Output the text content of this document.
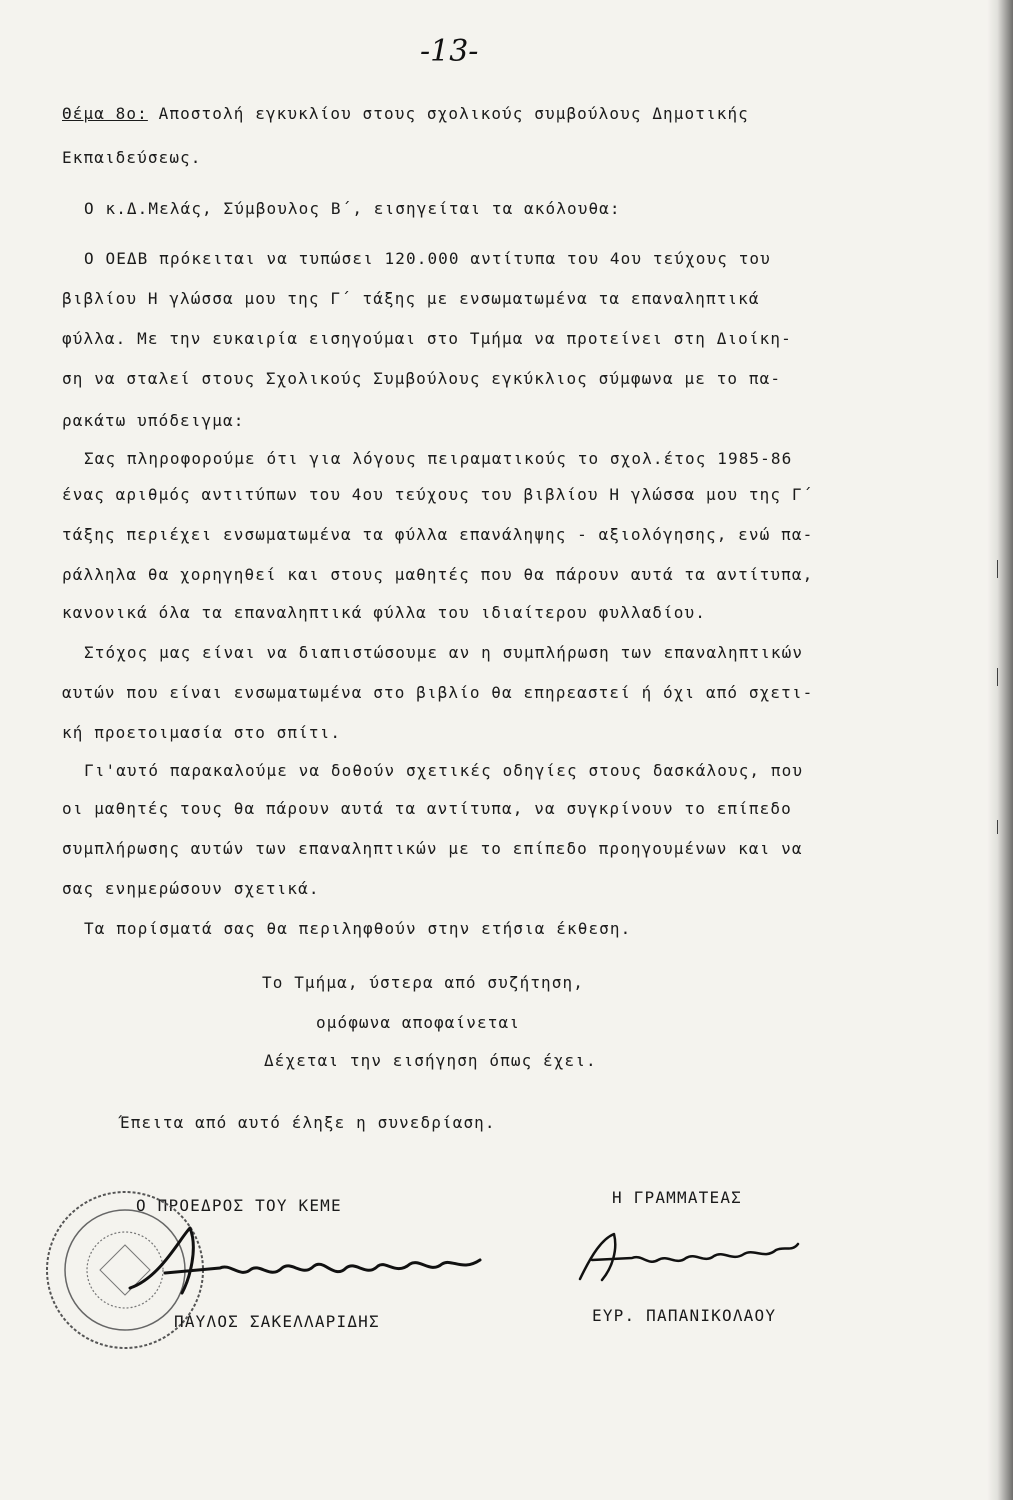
-13-
Θέμα 8ο: Αποστολή εγκυκλίου στους σχολικούς συμβούλους Δημοτικής
Εκπαιδεύσεως.
Ο κ.Δ.Μελάς, Σύμβουλος Β΄, εισηγείται τα ακόλουθα:
Ο ΟΕΔΒ πρόκειται να τυπώσει 120.000 αντίτυπα του 4ου τεύχους του
βιβλίου Η γλώσσα μου της Γ΄ τάξης με ενσωματωμένα τα επαναληπτικά
φύλλα. Με την ευκαιρία εισηγούμαι στο Τμήμα να προτείνει στη Διοίκη-
ση να σταλεί στους Σχολικούς Συμβούλους εγκύκλιος σύμφωνα με το πα-
ρακάτω υπόδειγμα:
Σας πληροφορούμε ότι για λόγους πειραματικούς το σχολ.έτος 1985-86
ένας αριθμός αντιτύπων του 4ου τεύχους του βιβλίου Η γλώσσα μου της Γ΄
τάξης περιέχει ενσωματωμένα τα φύλλα επανάληψης - αξιολόγησης, ενώ πα-
ράλληλα θα χορηγηθεί και στους μαθητές που θα πάρουν αυτά τα αντίτυπα,
κανονικά όλα τα επαναληπτικά φύλλα του ιδιαίτερου φυλλαδίου.
Στόχος μας είναι να διαπιστώσουμε αν η συμπλήρωση των επαναληπτικών
αυτών που είναι ενσωματωμένα στο βιβλίο θα επηρεαστεί ή όχι από σχετι-
κή προετοιμασία στο σπίτι.
Γι'αυτό παρακαλούμε να δοθούν σχετικές οδηγίες στους δασκάλους, που
οι μαθητές τους θα πάρουν αυτά τα αντίτυπα, να συγκρίνουν το επίπεδο
συμπλήρωσης αυτών των επαναληπτικών με το επίπεδο προηγουμένων και να
σας ενημερώσουν σχετικά.
Τα πορίσματά σας θα περιληφθούν στην ετήσια έκθεση.
Το Τμήμα, ύστερα από συζήτηση,
ομόφωνα αποφαίνεται
Δέχεται την εισήγηση όπως έχει.
Έπειτα από αυτό έληξε η συνεδρίαση.
Ο ΠΡΟΕΔΡΟΣ ΤΟΥ ΚΕΜΕ	Η ΓΡΑΜΜΑΤΕΑΣ
ΠΑΥΛΟΣ ΣΑΚΕΛΛΑΡΙΔΗΣ	ΕΥΡ. ΠΑΠΑΝΙΚΟΛΑΟΥ
